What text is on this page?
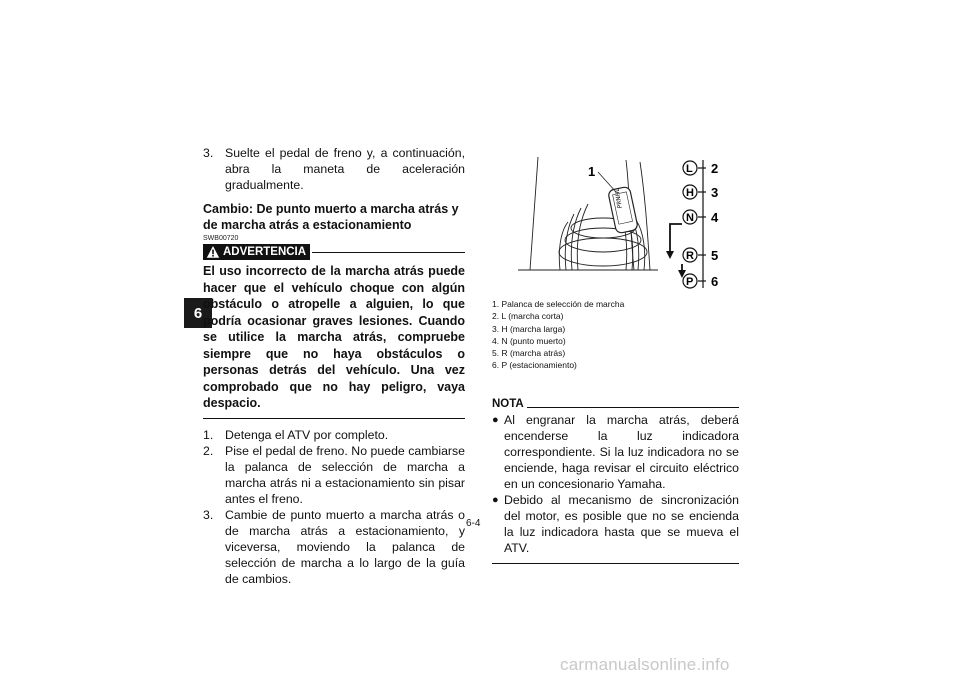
6
3. Suelte el pedal de freno y, a continuación, abra la maneta de aceleración gradualmente.
Cambio: De punto muerto a marcha atrás y de marcha atrás a estacionamiento
SWB00720
ADVERTENCIA
El uso incorrecto de la marcha atrás puede hacer que el vehículo choque con algún obstáculo o atropelle a alguien, lo que podría ocasionar graves lesiones. Cuando se utilice la marcha atrás, compruebe siempre que no haya obstáculos o personas detrás del vehículo. Una vez comprobado que no hay peligro, vaya despacio.
1. Detenga el ATV por completo.
2. Pise el pedal de freno. No puede cambiarse la palanca de selección de marcha a marcha atrás ni a estacionamiento sin pisar antes el freno.
3. Cambie de punto muerto a marcha atrás o de marcha atrás a estacionamiento, y viceversa, moviendo la palanca de selección de marcha a lo largo de la guía de cambios.
PRNHL
1	L 2
H 3
N 4
R 5
P 6
1. Palanca de selección de marcha
2. L (marcha corta)
3. H (marcha larga)
4. N (punto muerto)
5. R (marcha atrás)
6. P (estacionamiento)
NOTA
● Al engranar la marcha atrás, deberá encenderse la luz indicadora correspondiente. Si la luz indicadora no se enciende, haga revisar el circuito eléctrico en un concesionario Yamaha.
● Debido al mecanismo de sincronización del motor, es posible que no se encienda la luz indicadora hasta que se mueva el ATV.
6-4
carmanualsonline.info
